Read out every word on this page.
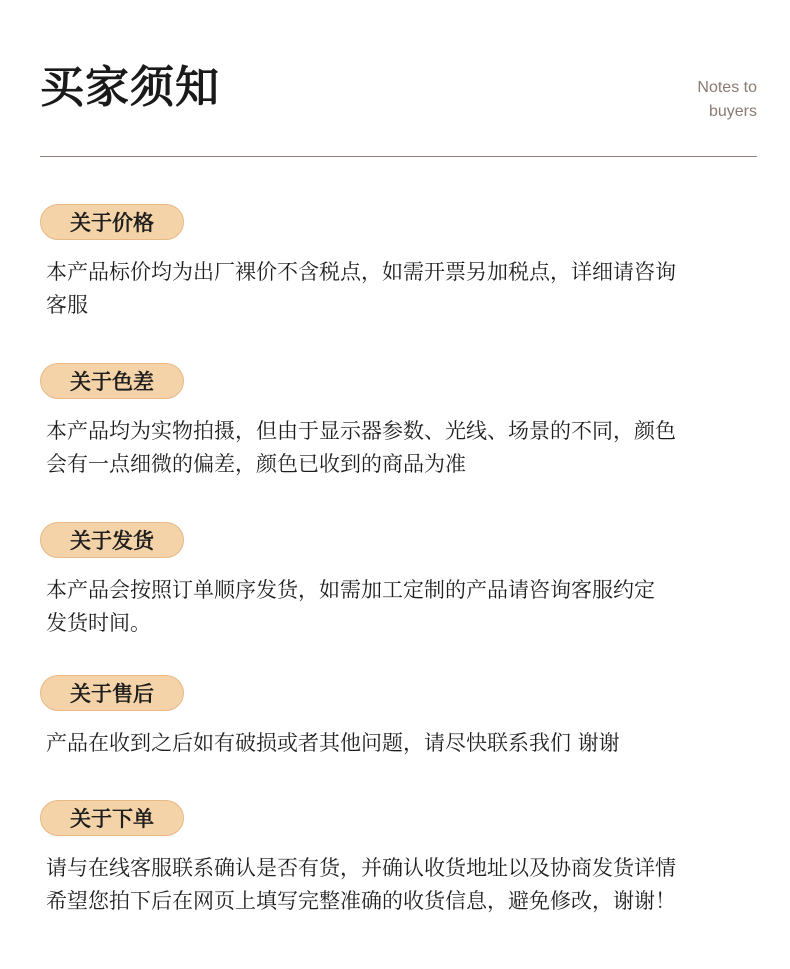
买家须知	Notes to
buyers
关于价格
本产品标价均为出厂裸价不含税点，如需开票另加税点，详细请咨询
客服
关于色差
本产品均为实物拍摄，但由于显示器参数、光线、场景的不同，颜色
会有一点细微的偏差，颜色已收到的商品为准
关于发货
本产品会按照订单顺序发货，如需加工定制的产品请咨询客服约定
发货时间。
关于售后
产品在收到之后如有破损或者其他问题，请尽快联系我们 谢谢
关于下单
请与在线客服联系确认是否有货，并确认收货地址以及协商发货详情
希望您拍下后在网页上填写完整准确的收货信息，避免修改，谢谢！
